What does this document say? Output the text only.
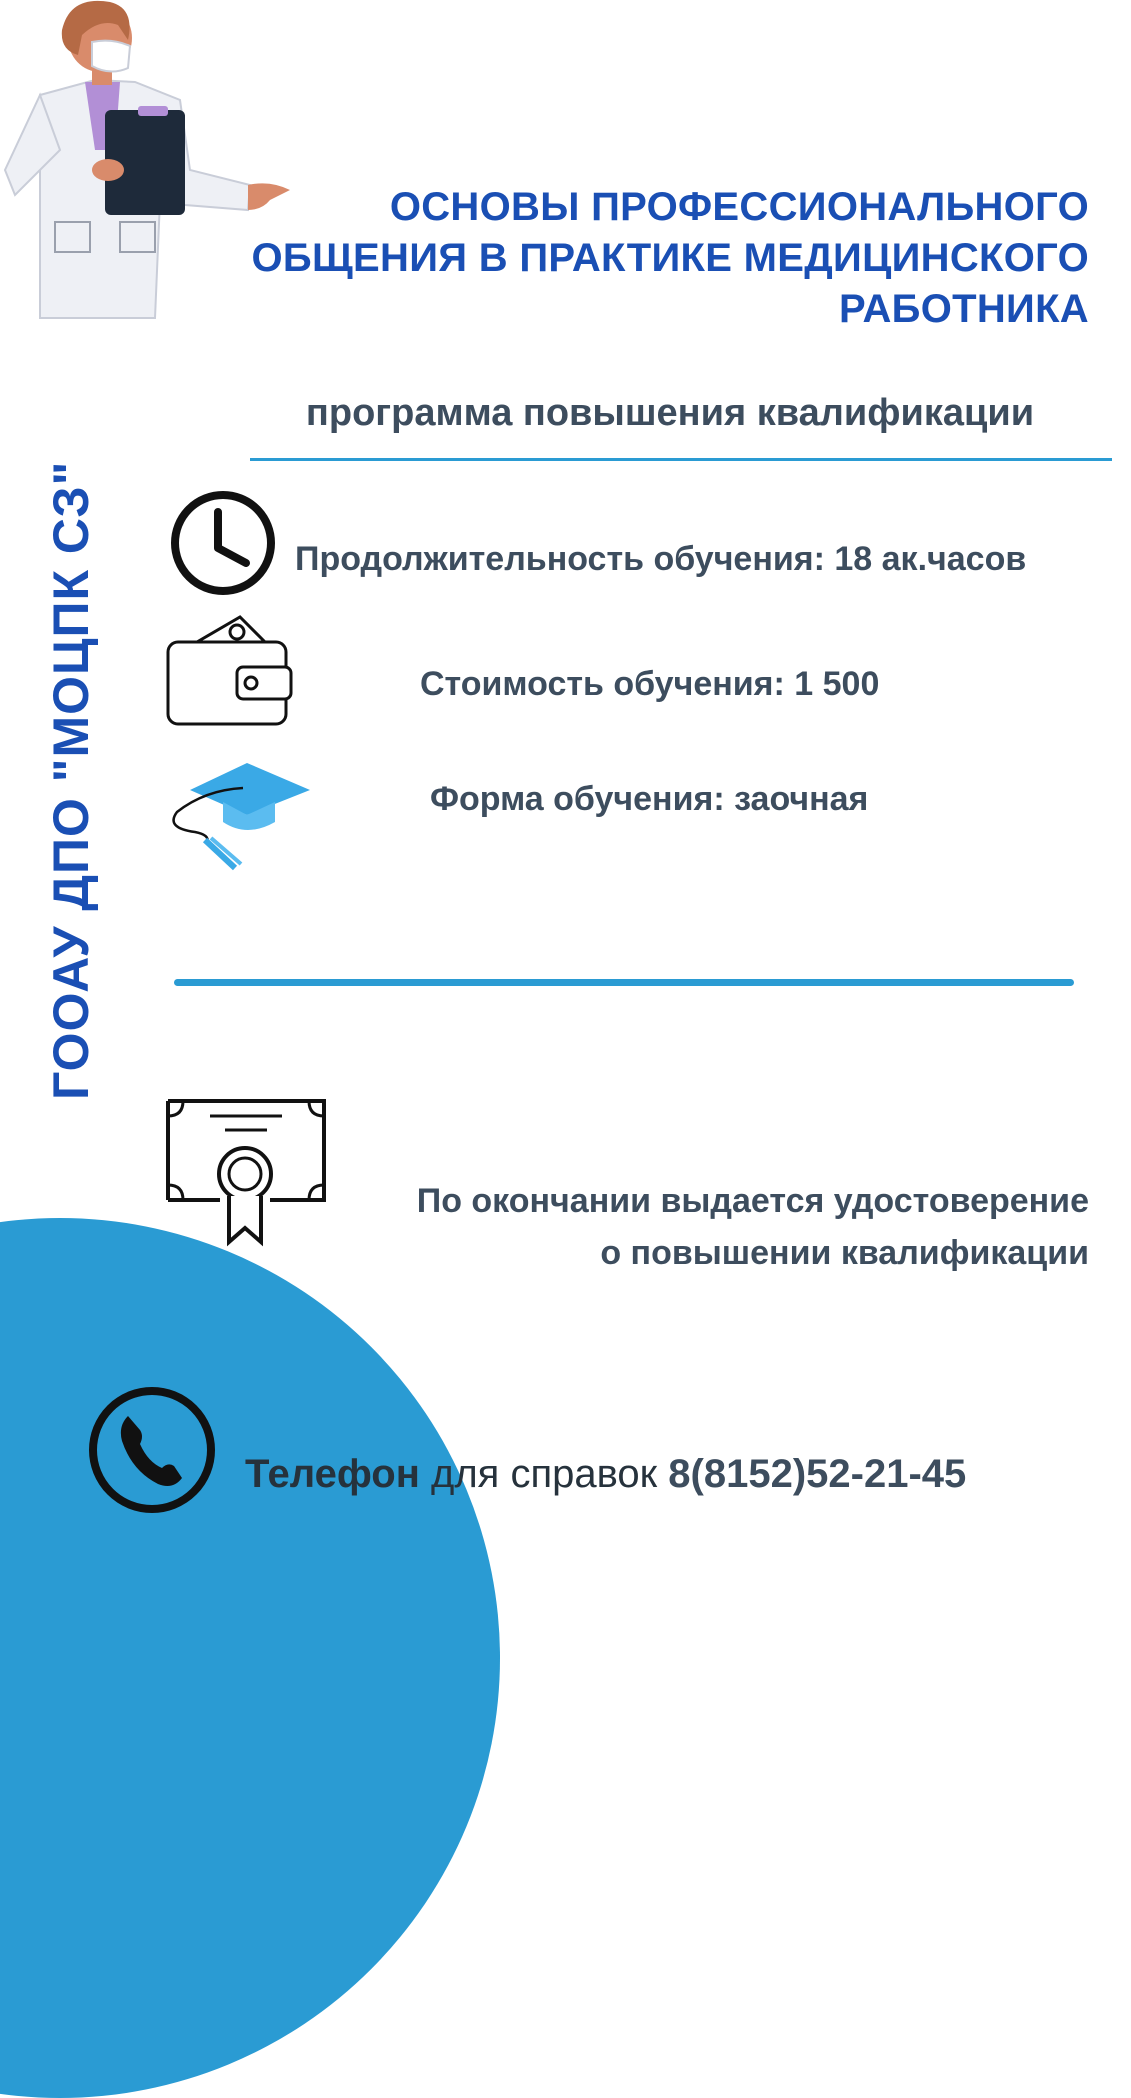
ОСНОВЫ ПРОФЕССИОНАЛЬНОГО
ОБЩЕНИЯ В ПРАКТИКЕ МЕДИЦИНСКОГО
РАБОТНИКА
ГООАУ ДПО "МОЦПК СЗ"
программа повышения квалификации
Продолжительность обучения: 18 ак.часов
Стоимость обучения: 1 500
Форма обучения: заочная
По окончании выдается удостоверение
о повышении квалификации
Телефон для справок 8(8152)52-21-45
